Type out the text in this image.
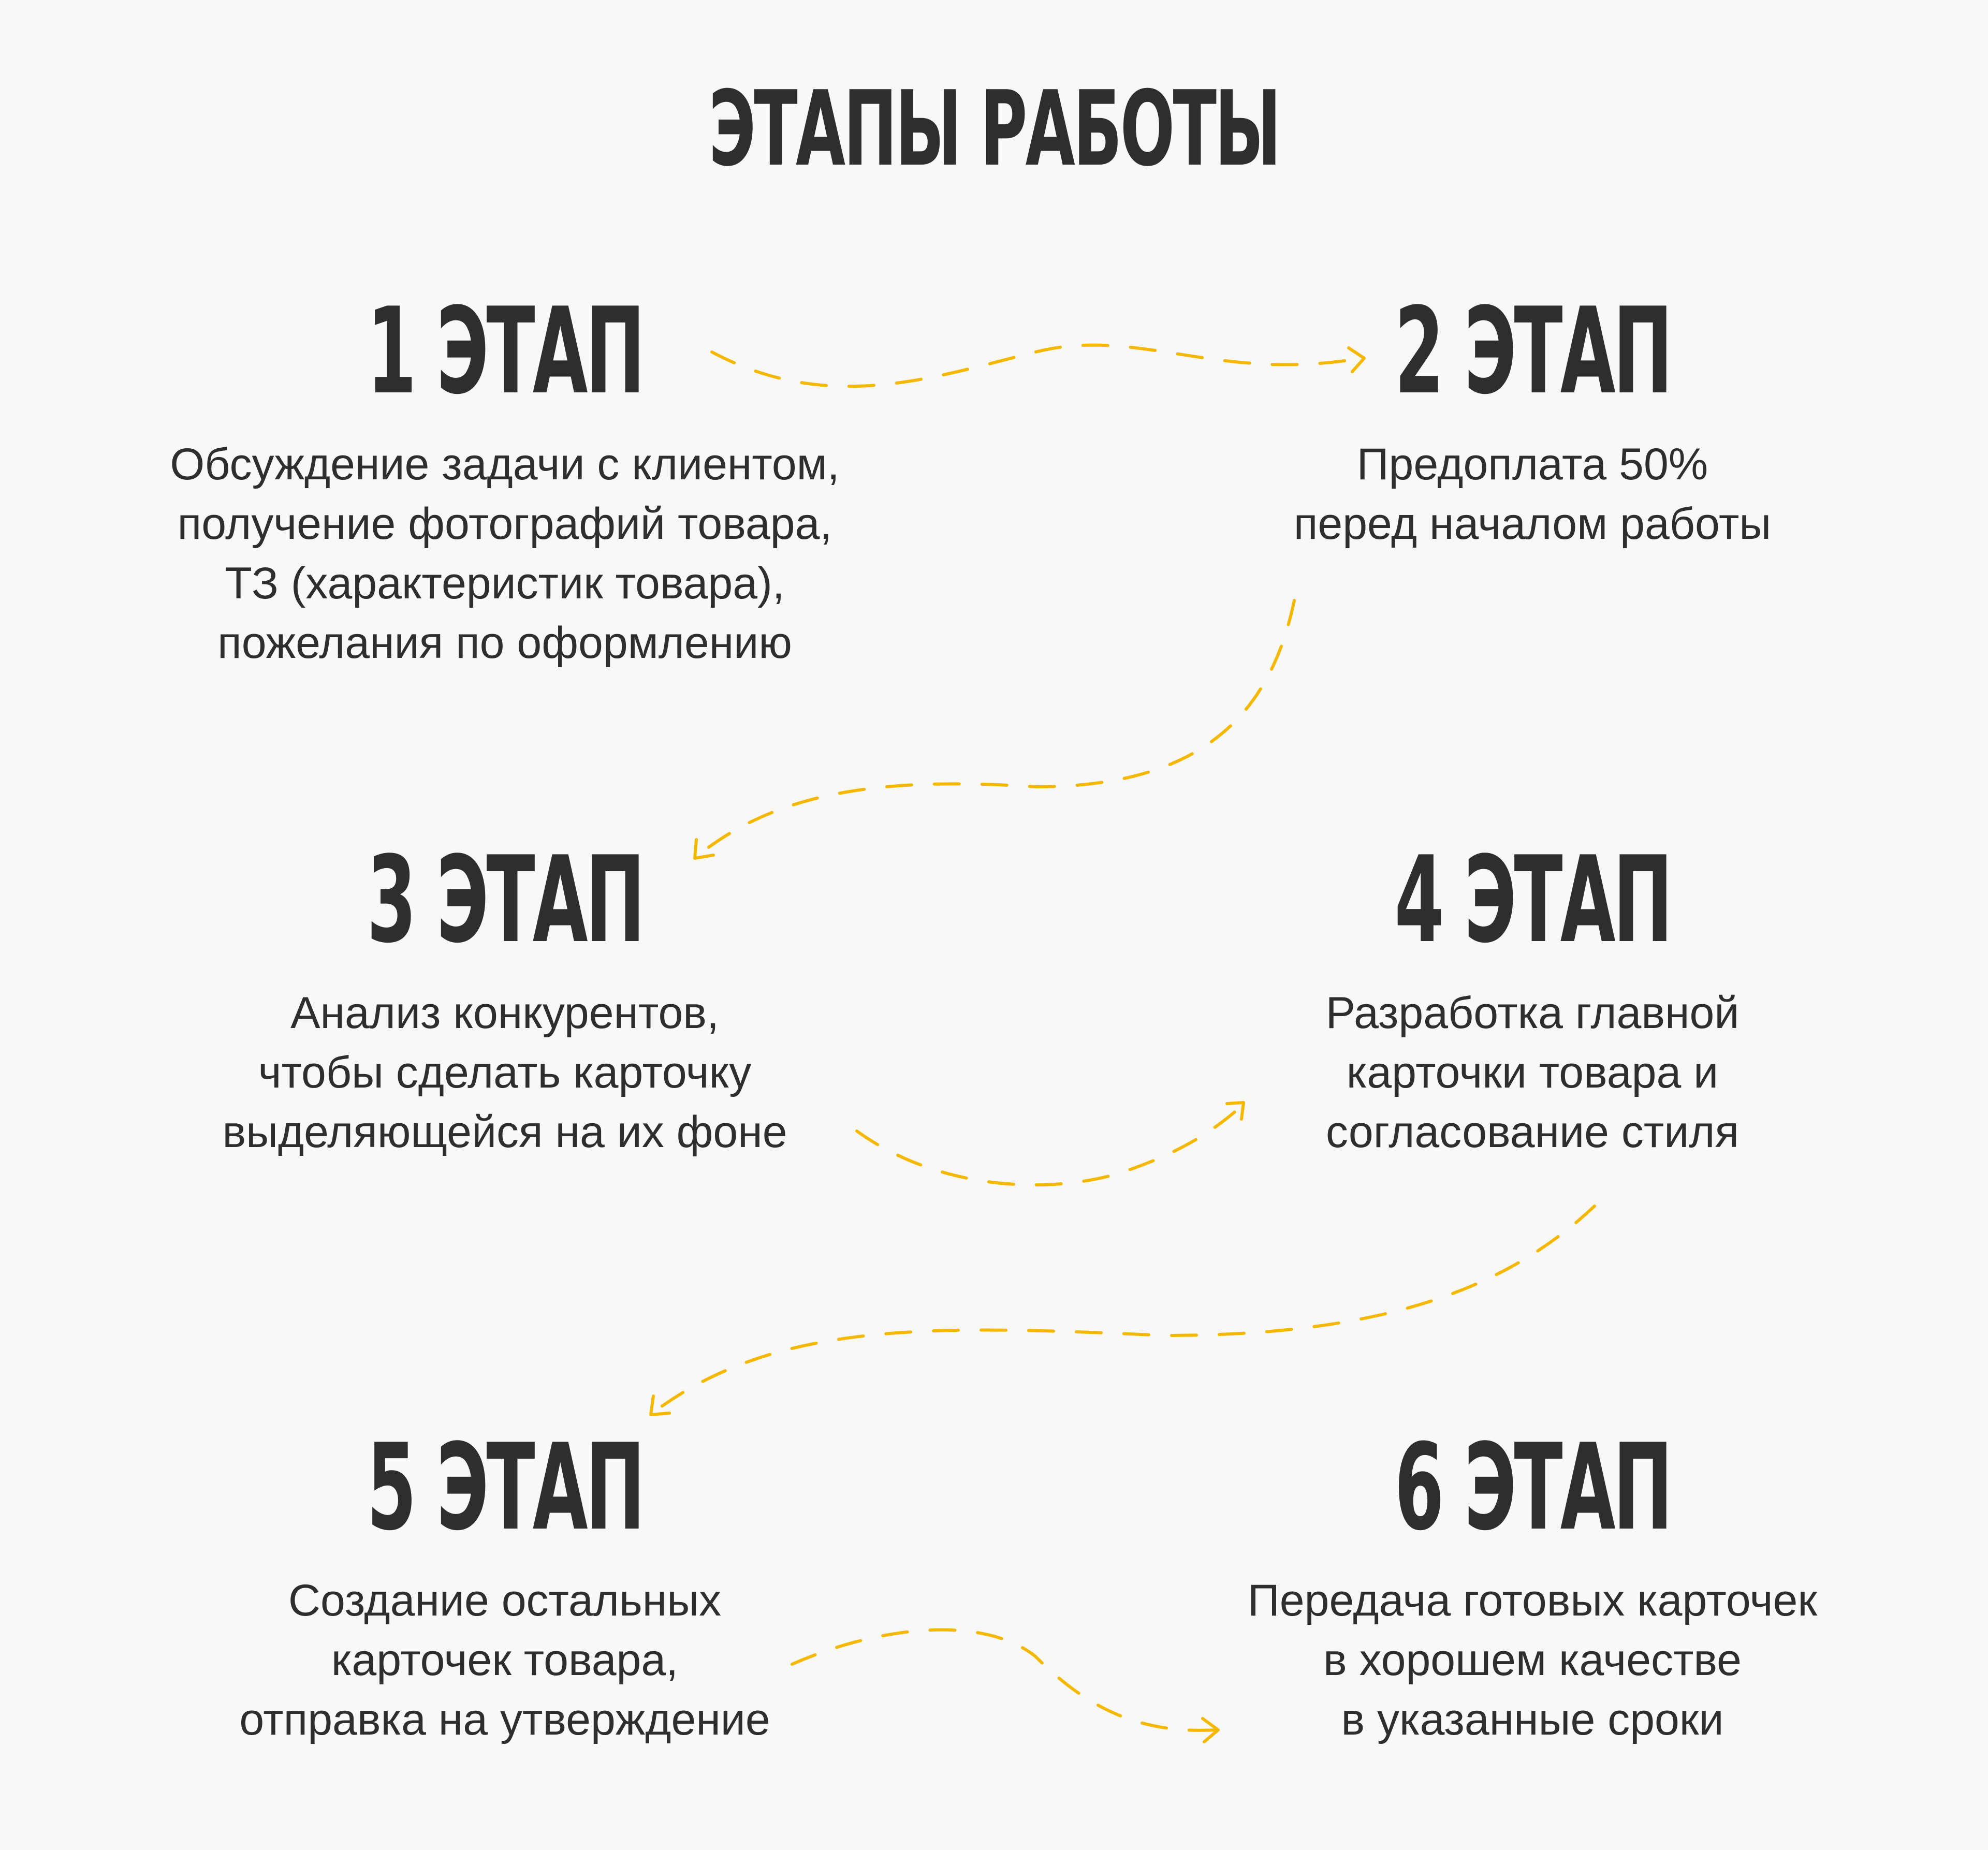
ЭТАПЫ РАБОТЫ
1 ЭТАП
Обсуждение задачи с клиентом,
получение фотографий товара,
ТЗ (характеристик товара),
пожелания по оформлению
2 ЭТАП
Предоплата 50%
перед началом работы
3 ЭТАП
Анализ конкурентов,
чтобы сделать карточку
выделяющейся на их фоне
4 ЭТАП
Разработка главной
карточки товара и
согласование стиля
5 ЭТАП
Создание остальных
карточек товара,
отправка на утверждение
6 ЭТАП
Передача готовых карточек
в хорошем качестве
в указанные сроки
